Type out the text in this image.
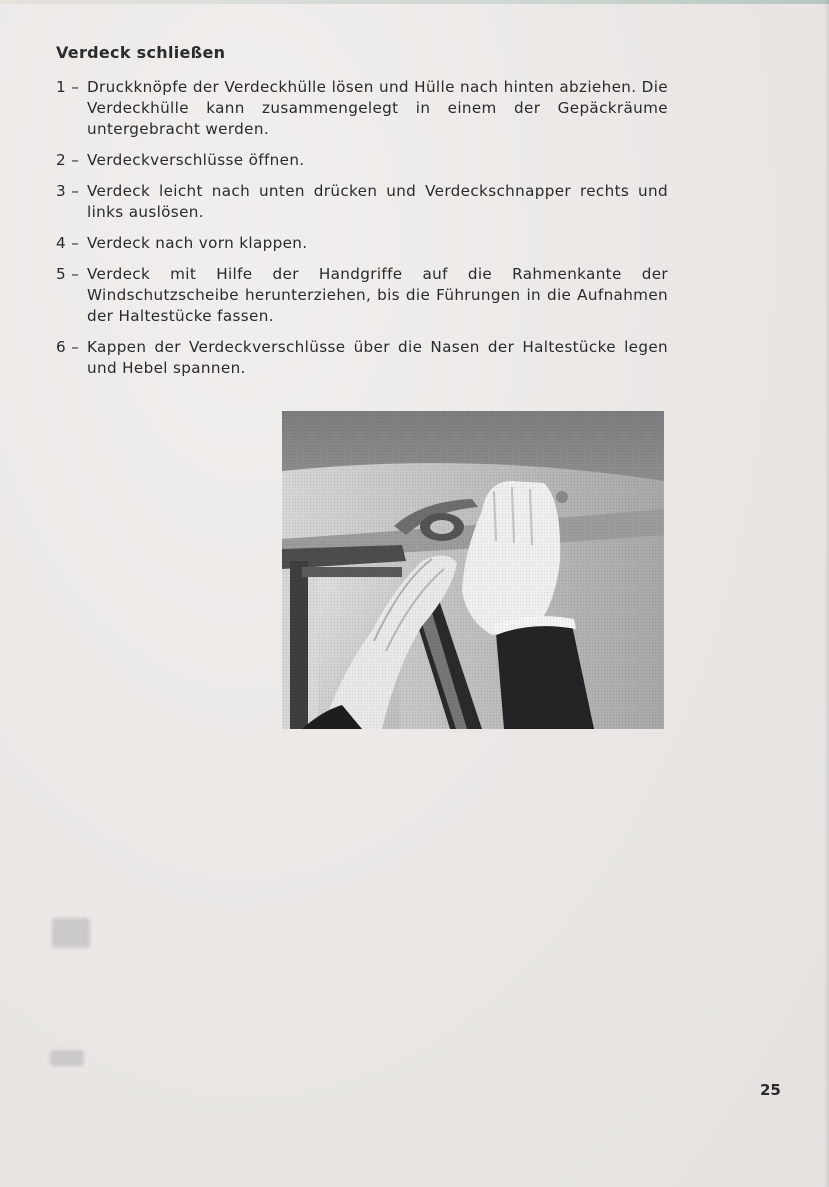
Verdeck schließen
1 – Druckknöpfe der Verdeckhülle lösen und Hülle nach hinten abziehen. Die Verdeckhülle kann zusammengelegt in einem der Gepäckräume untergebracht werden.
2 – Verdeckverschlüsse öffnen.
3 – Verdeck leicht nach unten drücken und Verdeckschnapper rechts und links auslösen.
4 – Verdeck nach vorn klappen.
5 – Verdeck mit Hilfe der Handgriffe auf die Rahmenkante der Windschutzscheibe herunterziehen, bis die Führungen in die Aufnahmen der Haltestücke fassen.
6 – Kappen der Verdeckverschlüsse über die Nasen der Haltestücke legen und Hebel spannen.
25
